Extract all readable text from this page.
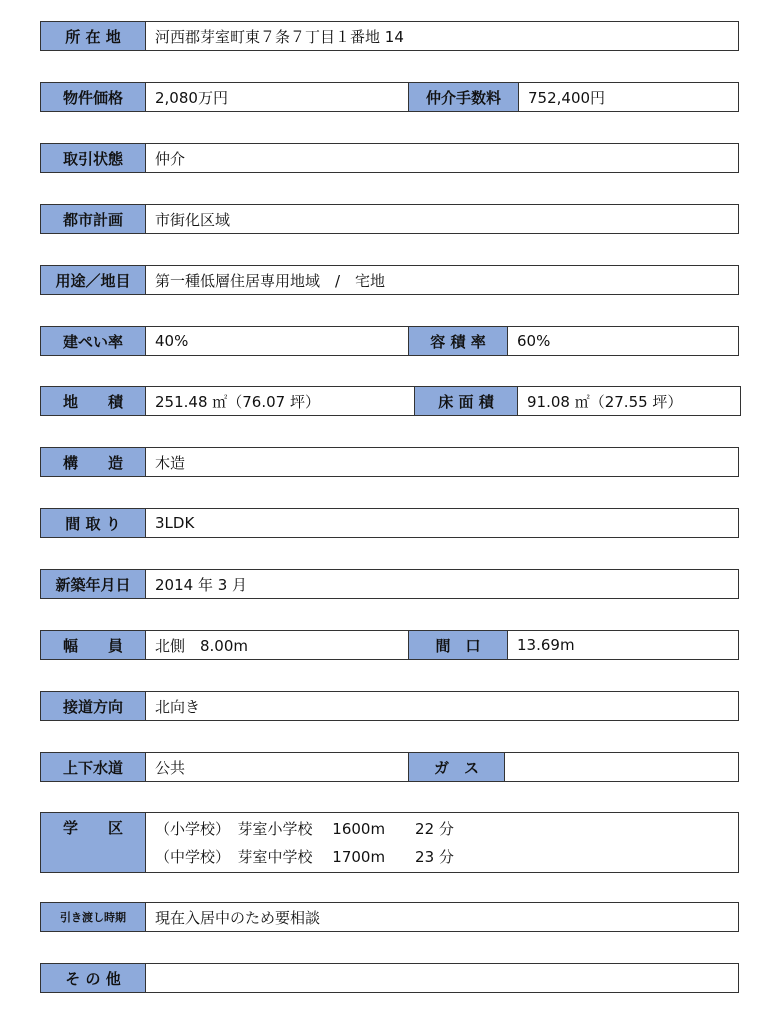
所 在 地	河西郡芽室町東７条７丁目１番地 14
物件価格	2,080万円	仲介手数料	752,400円
取引状態	仲介
都市計画	市街化区域
用途／地目	第一種低層住居専用地域　/　宅地
建ぺい率	40%	容 積 率	60%
地　　積	251.48 ㎡（76.07 坪）	床 面 積	91.08 ㎡（27.55 坪）
構　　造	木造
間 取 り	3LDK
新築年月日	2014 年 3 月
幅　　員	北側　8.00m	間　口	13.69m
接道方向	北向き
上下水道	公共	ガ　ス
学　　区	（小学校）　芽室小学校　 1600m　　22 分
（中学校）　芽室中学校　 1700m　　23 分
引き渡し時期	現在入居中のため要相談
そ の 他
